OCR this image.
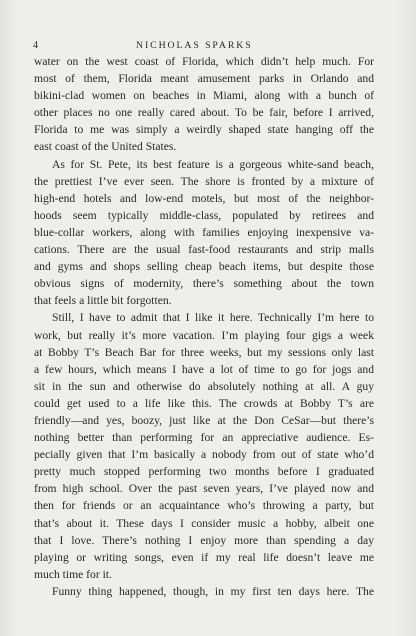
4	NICHOLAS SPARKS
water on the west coast of Florida, which didn’t help much. For
most of them, Florida meant amusement parks in Orlando and
bikini-clad women on beaches in Miami, along with a bunch of
other places no one really cared about. To be fair, before I arrived,
Florida to me was simply a weirdly shaped state hanging off the
east coast of the United States.
As for St. Pete, its best feature is a gorgeous white-sand beach,
the prettiest I’ve ever seen. The shore is fronted by a mixture of
high-end hotels and low-end motels, but most of the neighbor-
hoods seem typically middle-class, populated by retirees and
blue-collar workers, along with families enjoying inexpensive va-
cations. There are the usual fast-food restaurants and strip malls
and gyms and shops selling cheap beach items, but despite those
obvious signs of modernity, there’s something about the town
that feels a little bit forgotten.
Still, I have to admit that I like it here. Technically I’m here to
work, but really it’s more vacation. I’m playing four gigs a week
at Bobby T’s Beach Bar for three weeks, but my sessions only last
a few hours, which means I have a lot of time to go for jogs and
sit in the sun and otherwise do absolutely nothing at all. A guy
could get used to a life like this. The crowds at Bobby T’s are
friendly—and yes, boozy, just like at the Don CeSar—but there’s
nothing better than performing for an appreciative audience. Es-
pecially given that I’m basically a nobody from out of state who’d
pretty much stopped performing two months before I graduated
from high school. Over the past seven years, I’ve played now and
then for friends or an acquaintance who’s throwing a party, but
that’s about it. These days I consider music a hobby, albeit one
that I love. There’s nothing I enjoy more than spending a day
playing or writing songs, even if my real life doesn’t leave me
much time for it.
Funny thing happened, though, in my first ten days here. The
